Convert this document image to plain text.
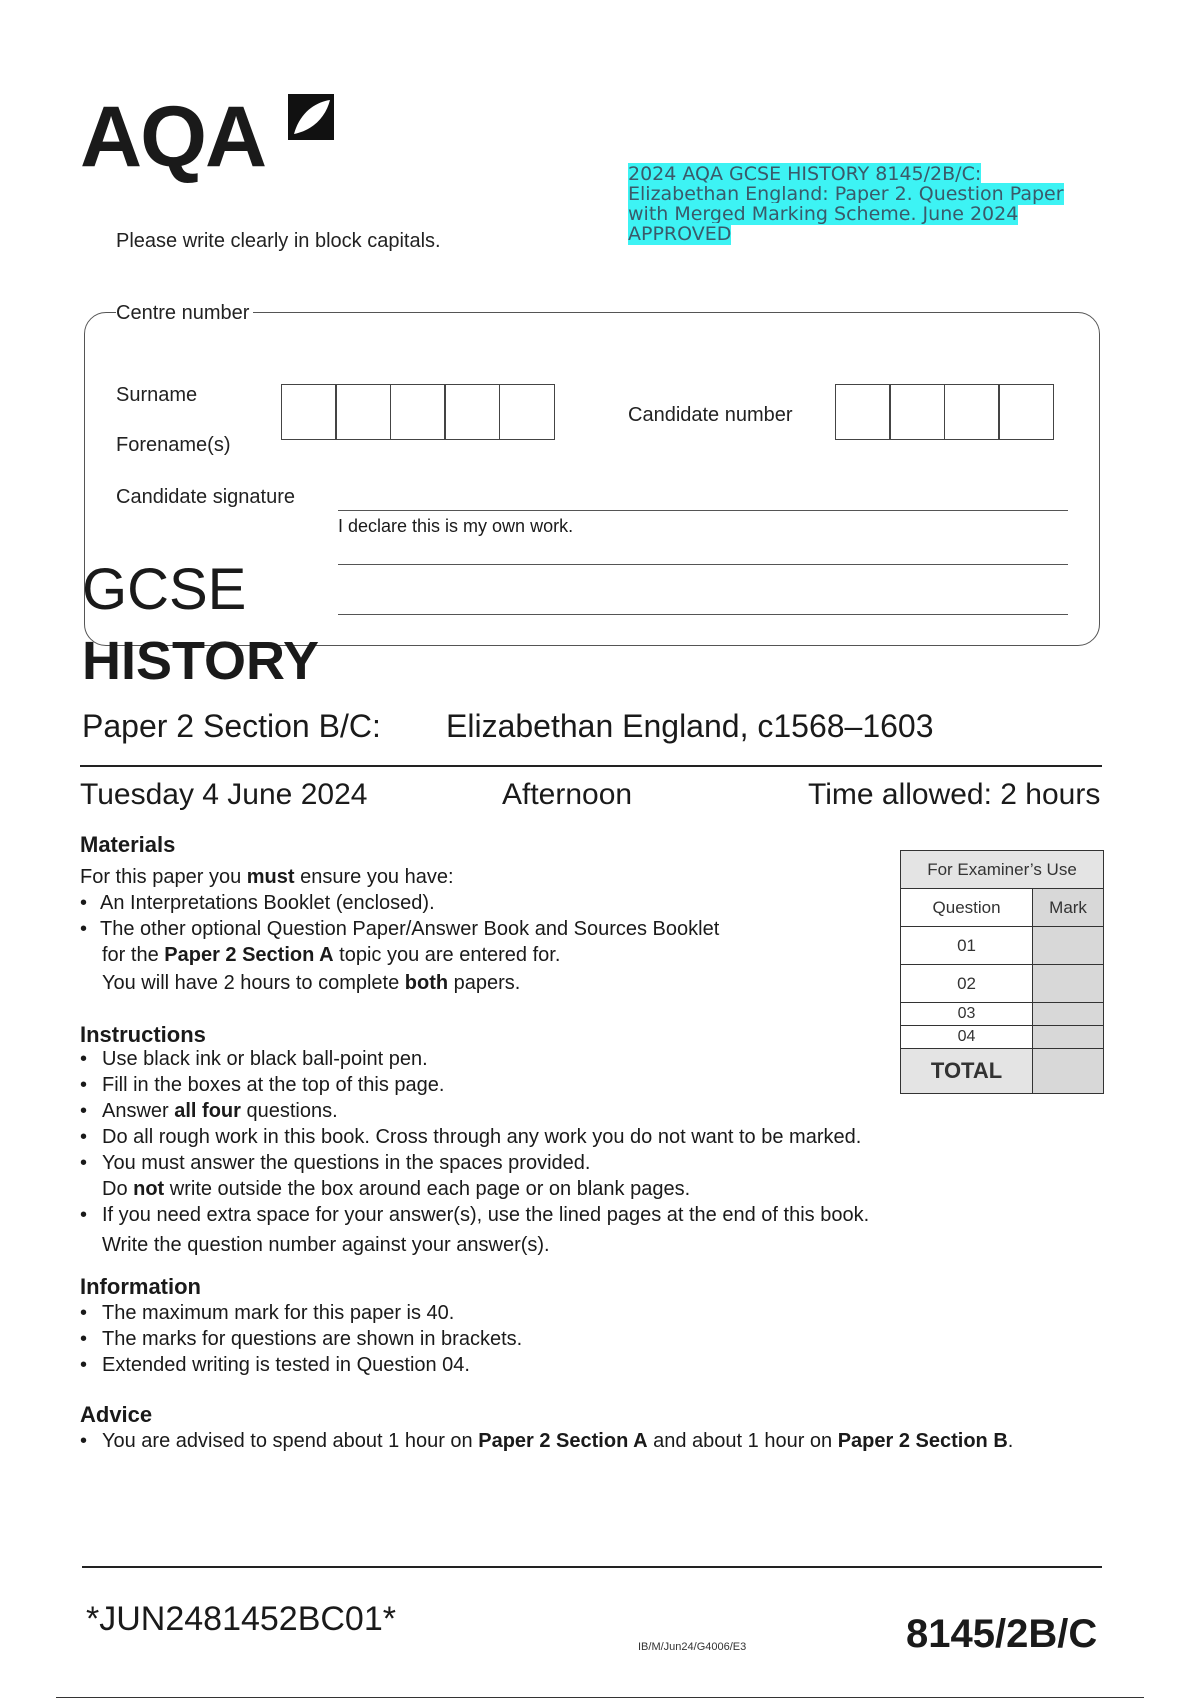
AQA	2024 AQA GCSE HISTORY 8145/2B/C: Elizabethan England: Paper 2. Question Paper with Merged Marking Scheme. June 2024 APPROVED
Please write clearly in block capitals.
Centre number
Surname
Forename(s)
Candidate number
Candidate signature
I declare this is my own work.
GCSE
HISTORY
Paper 2 Section B/C: Elizabethan England, c1568–1603
Tuesday 4 June 2024	Afternoon	Time allowed: 2 hours
For Examiner’s Use	
Question	Mark
01	
02	
03	
04	
TOTAL	
Materials
For this paper you must ensure you have:
• An Interpretations Booklet (enclosed).
• The other optional Question Paper/Answer Book and Sources Booklet
for the Paper 2 Section A topic you are entered for.
You will have 2 hours to complete both papers.
Instructions
• Use black ink or black ball-point pen.
• Fill in the boxes at the top of this page.
• Answer all four questions.
• Do all rough work in this book. Cross through any work you do not want to be marked.
• You must answer the questions in the spaces provided.
Do not write outside the box around each page or on blank pages.
• If you need extra space for your answer(s), use the lined pages at the end of this book.
Write the question number against your answer(s).
Information
• The maximum mark for this paper is 40.
• The marks for questions are shown in brackets.
• Extended writing is tested in Question 04.
Advice
• You are advised to spend about 1 hour on Paper 2 Section A and about 1 hour on Paper 2 Section B.
*JUN2481452BC01*
IB/M/Jun24/G4006/E3	8145/2B/C
